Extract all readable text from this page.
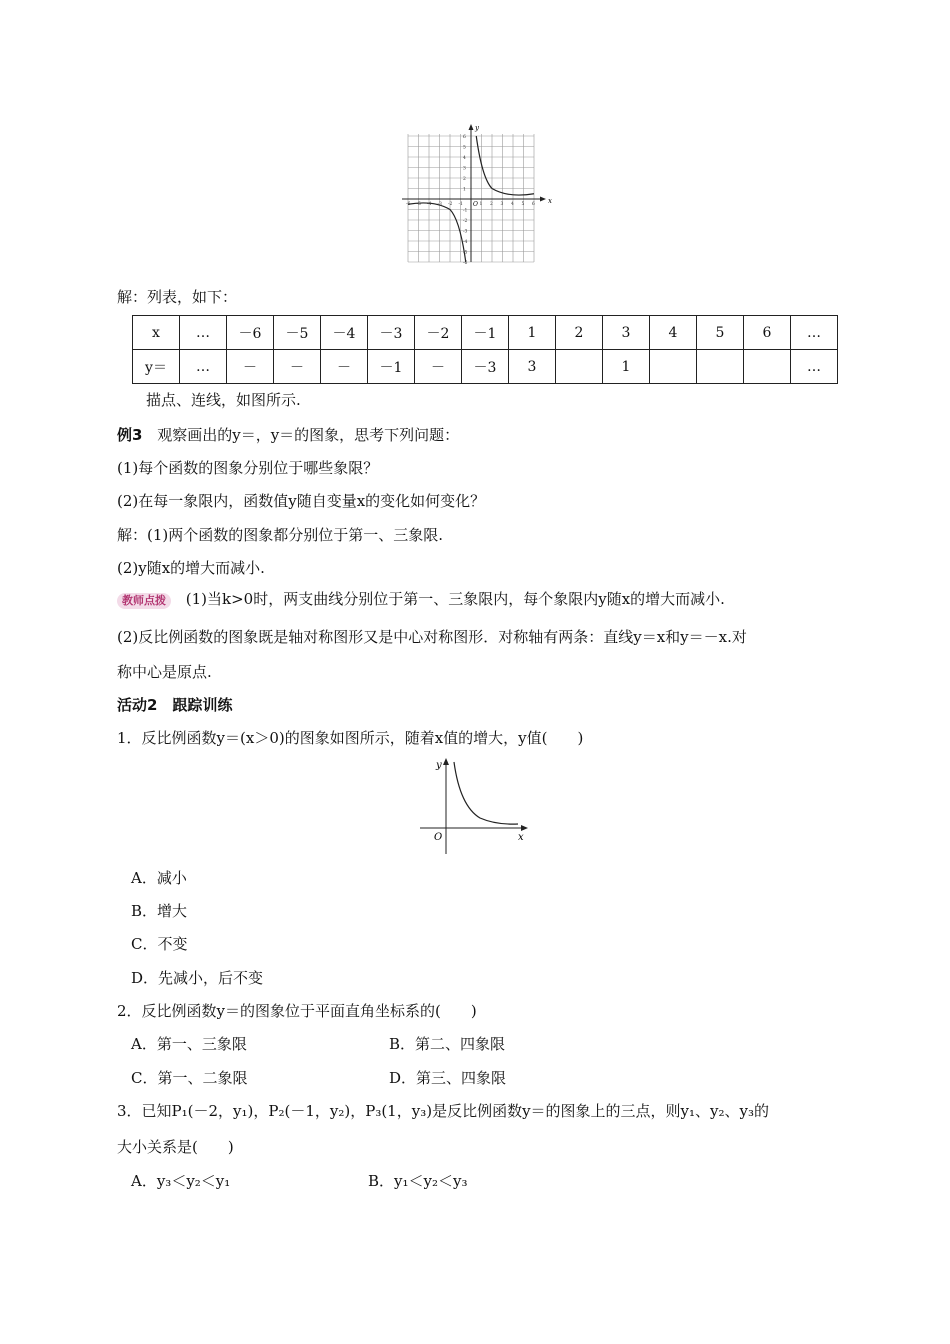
x
y
O
-6 -5 -4 -3 -2 -1	1 2 3 4 5 6
6
5
4
3
2
1
-1
-2
-3
-4
-5
-6
解：列表，如下：
x	…	－6	－5	－4	－3	－2	－1	1	2	3	4	5	6	…
y＝	…	－	－	－	－1	－	－3	3		1				…
描点、连线，如图所示.
例3 观察画出的y＝，y＝的图象，思考下列问题：
(1)每个函数的图象分别位于哪些象限？
(2)在每一象限内，函数值y随自变量x的变化如何变化？
解：(1)两个函数的图象都分别位于第一、三象限.
(2)y随x的增大而减小.
教师点拨 (1)当k>0时，两支曲线分别位于第一、三象限内，每个象限内y随x的增大而减小.
(2)反比例函数的图象既是轴对称图形又是中心对称图形．对称轴有两条：直线y＝x和y＝－x.对
称中心是原点.
活动2　跟踪训练
1．反比例函数y＝(x＞0)的图象如图所示，随着x值的增大，y值(　　)
y
x
O
A．减小
B．增大
C．不变
D．先减小，后不变
2．反比例函数y＝的图象位于平面直角坐标系的(　　)
A．第一、三象限	B．第二、四象限
C．第一、二象限	D．第三、四象限
3．已知P₁(－2，y₁)，P₂(－1，y₂)，P₃(1，y₃)是反比例函数y＝的图象上的三点，则y₁、y₂、y₃的
大小关系是(　　)
A．y₃＜y₂＜y₁	B．y₁＜y₂＜y₃
